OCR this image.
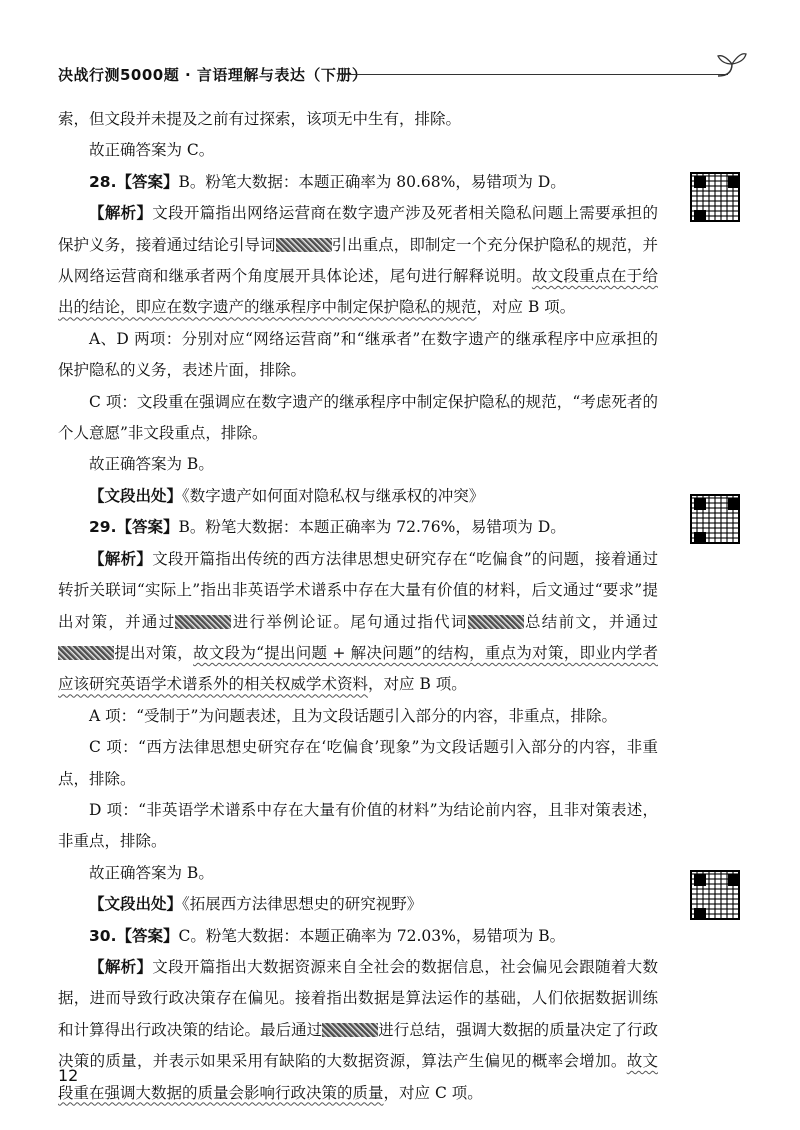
决战行测5000题 · 言语理解与表达（下册）

索，但文段并未提及之前有过探索，该项无中生有，排除。

故正确答案为 C。

28.【答案】B。粉笔大数据：本题正确率为 80.68%，易错项为 D。

【解析】文段开篇指出网络运营商在数字遗产涉及死者相关隐私问题上需要承担的保护义务，接着通过结论引导词	引出重点，即制定一个充分保护隐私的规范，并从网络运营商和继承者两个角度展开具体论述，尾句进行解释说明。故文段重点在于给出的结论，即应在数字遗产的继承程序中制定保护隐私的规范，对应 B 项。

A、D 两项：分别对应“网络运营商”和“继承者”在数字遗产的继承程序中应承担的保护隐私的义务，表述片面，排除。

C 项：文段重在强调应在数字遗产的继承程序中制定保护隐私的规范，“考虑死者的个人意愿”非文段重点，排除。

故正确答案为 B。

【文段出处】《数字遗产如何面对隐私权与继承权的冲突》

29.【答案】B。粉笔大数据：本题正确率为 72.76%，易错项为 D。

【解析】文段开篇指出传统的西方法律思想史研究存在“吃偏食”的问题，接着通过转折关联词“实际上”指出非英语学术谱系中存在大量有价值的材料，后文通过“要求”提出对策，并通过	进行举例论证。尾句通过指代词	总结前文，并通过提出对策，故文段为“提出问题 + 解决问题”的结构，重点为对策，即业内学者应该研究英语学术谱系外的相关权威学术资料，对应 B 项。

A 项：“受制于”为问题表述，且为文段话题引入部分的内容，非重点，排除。

C 项：“西方法律思想史研究存在‘吃偏食’现象”为文段话题引入部分的内容，非重点，排除。

D 项：“非英语学术谱系中存在大量有价值的材料”为结论前内容，且非对策表述，非重点，排除。

故正确答案为 B。

【文段出处】《拓展西方法律思想史的研究视野》

30.【答案】C。粉笔大数据：本题正确率为 72.03%，易错项为 B。

【解析】文段开篇指出大数据资源来自全社会的数据信息，社会偏见会跟随着大数据，进而导致行政决策存在偏见。接着指出数据是算法运作的基础，人们依据数据训练和计算得出行政决策的结论。最后通过	进行总结，强调大数据的质量决定了行政决策的质量，并表示如果采用有缺陷的大数据资源，算法产生偏见的概率会增加。故文段重在强调大数据的质量会影响行政决策的质量，对应 C 项。

12
